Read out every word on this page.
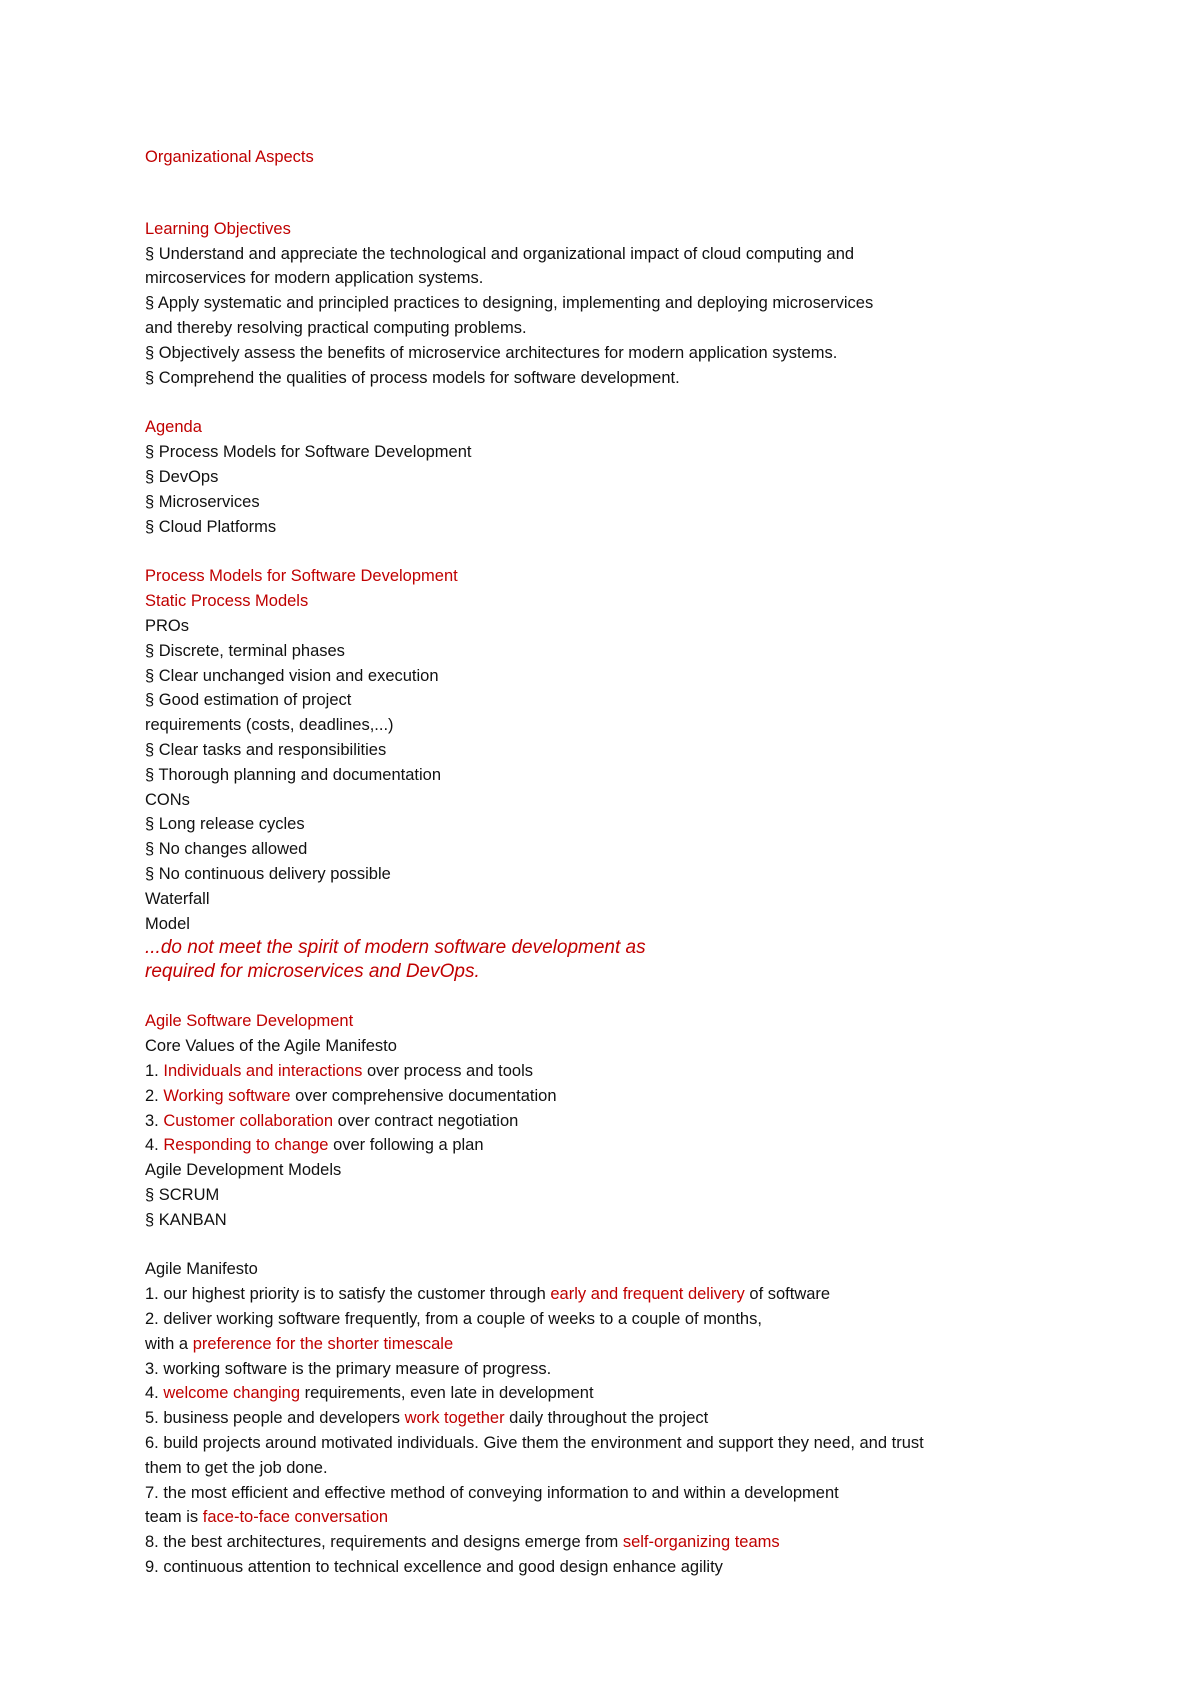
Organizational Aspects
Learning Objectives
§ Understand and appreciate the technological and organizational impact of cloud computing and
mircoservices for modern application systems.
§ Apply systematic and principled practices to designing, implementing and deploying microservices
and thereby resolving practical computing problems.
§ Objectively assess the benefits of microservice architectures for modern application systems.
§ Comprehend the qualities of process models for software development.
Agenda
§ Process Models for Software Development
§ DevOps
§ Microservices
§ Cloud Platforms
Process Models for Software Development
Static Process Models
PROs
§ Discrete, terminal phases
§ Clear unchanged vision and execution
§ Good estimation of project
requirements (costs, deadlines,...)
§ Clear tasks and responsibilities
§ Thorough planning and documentation
CONs
§ Long release cycles
§ No changes allowed
§ No continuous delivery possible
Waterfall
Model
...do not meet the spirit of modern software development as
required for microservices and DevOps.
Agile Software Development
Core Values of the Agile Manifesto
1. Individuals and interactions over process and tools
2. Working software over comprehensive documentation
3. Customer collaboration over contract negotiation
4. Responding to change over following a plan
Agile Development Models
§ SCRUM
§ KANBAN
Agile Manifesto
1. our highest priority is to satisfy the customer through early and frequent delivery of software
2. deliver working software frequently, from a couple of weeks to a couple of months,
with a preference for the shorter timescale
3. working software is the primary measure of progress.
4. welcome changing requirements, even late in development
5. business people and developers work together daily throughout the project
6. build projects around motivated individuals. Give them the environment and support they need, and trust
them to get the job done.
7. the most efficient and effective method of conveying information to and within a development
team is face-to-face conversation
8. the best architectures, requirements and designs emerge from self-organizing teams
9. continuous attention to technical excellence and good design enhance agility
